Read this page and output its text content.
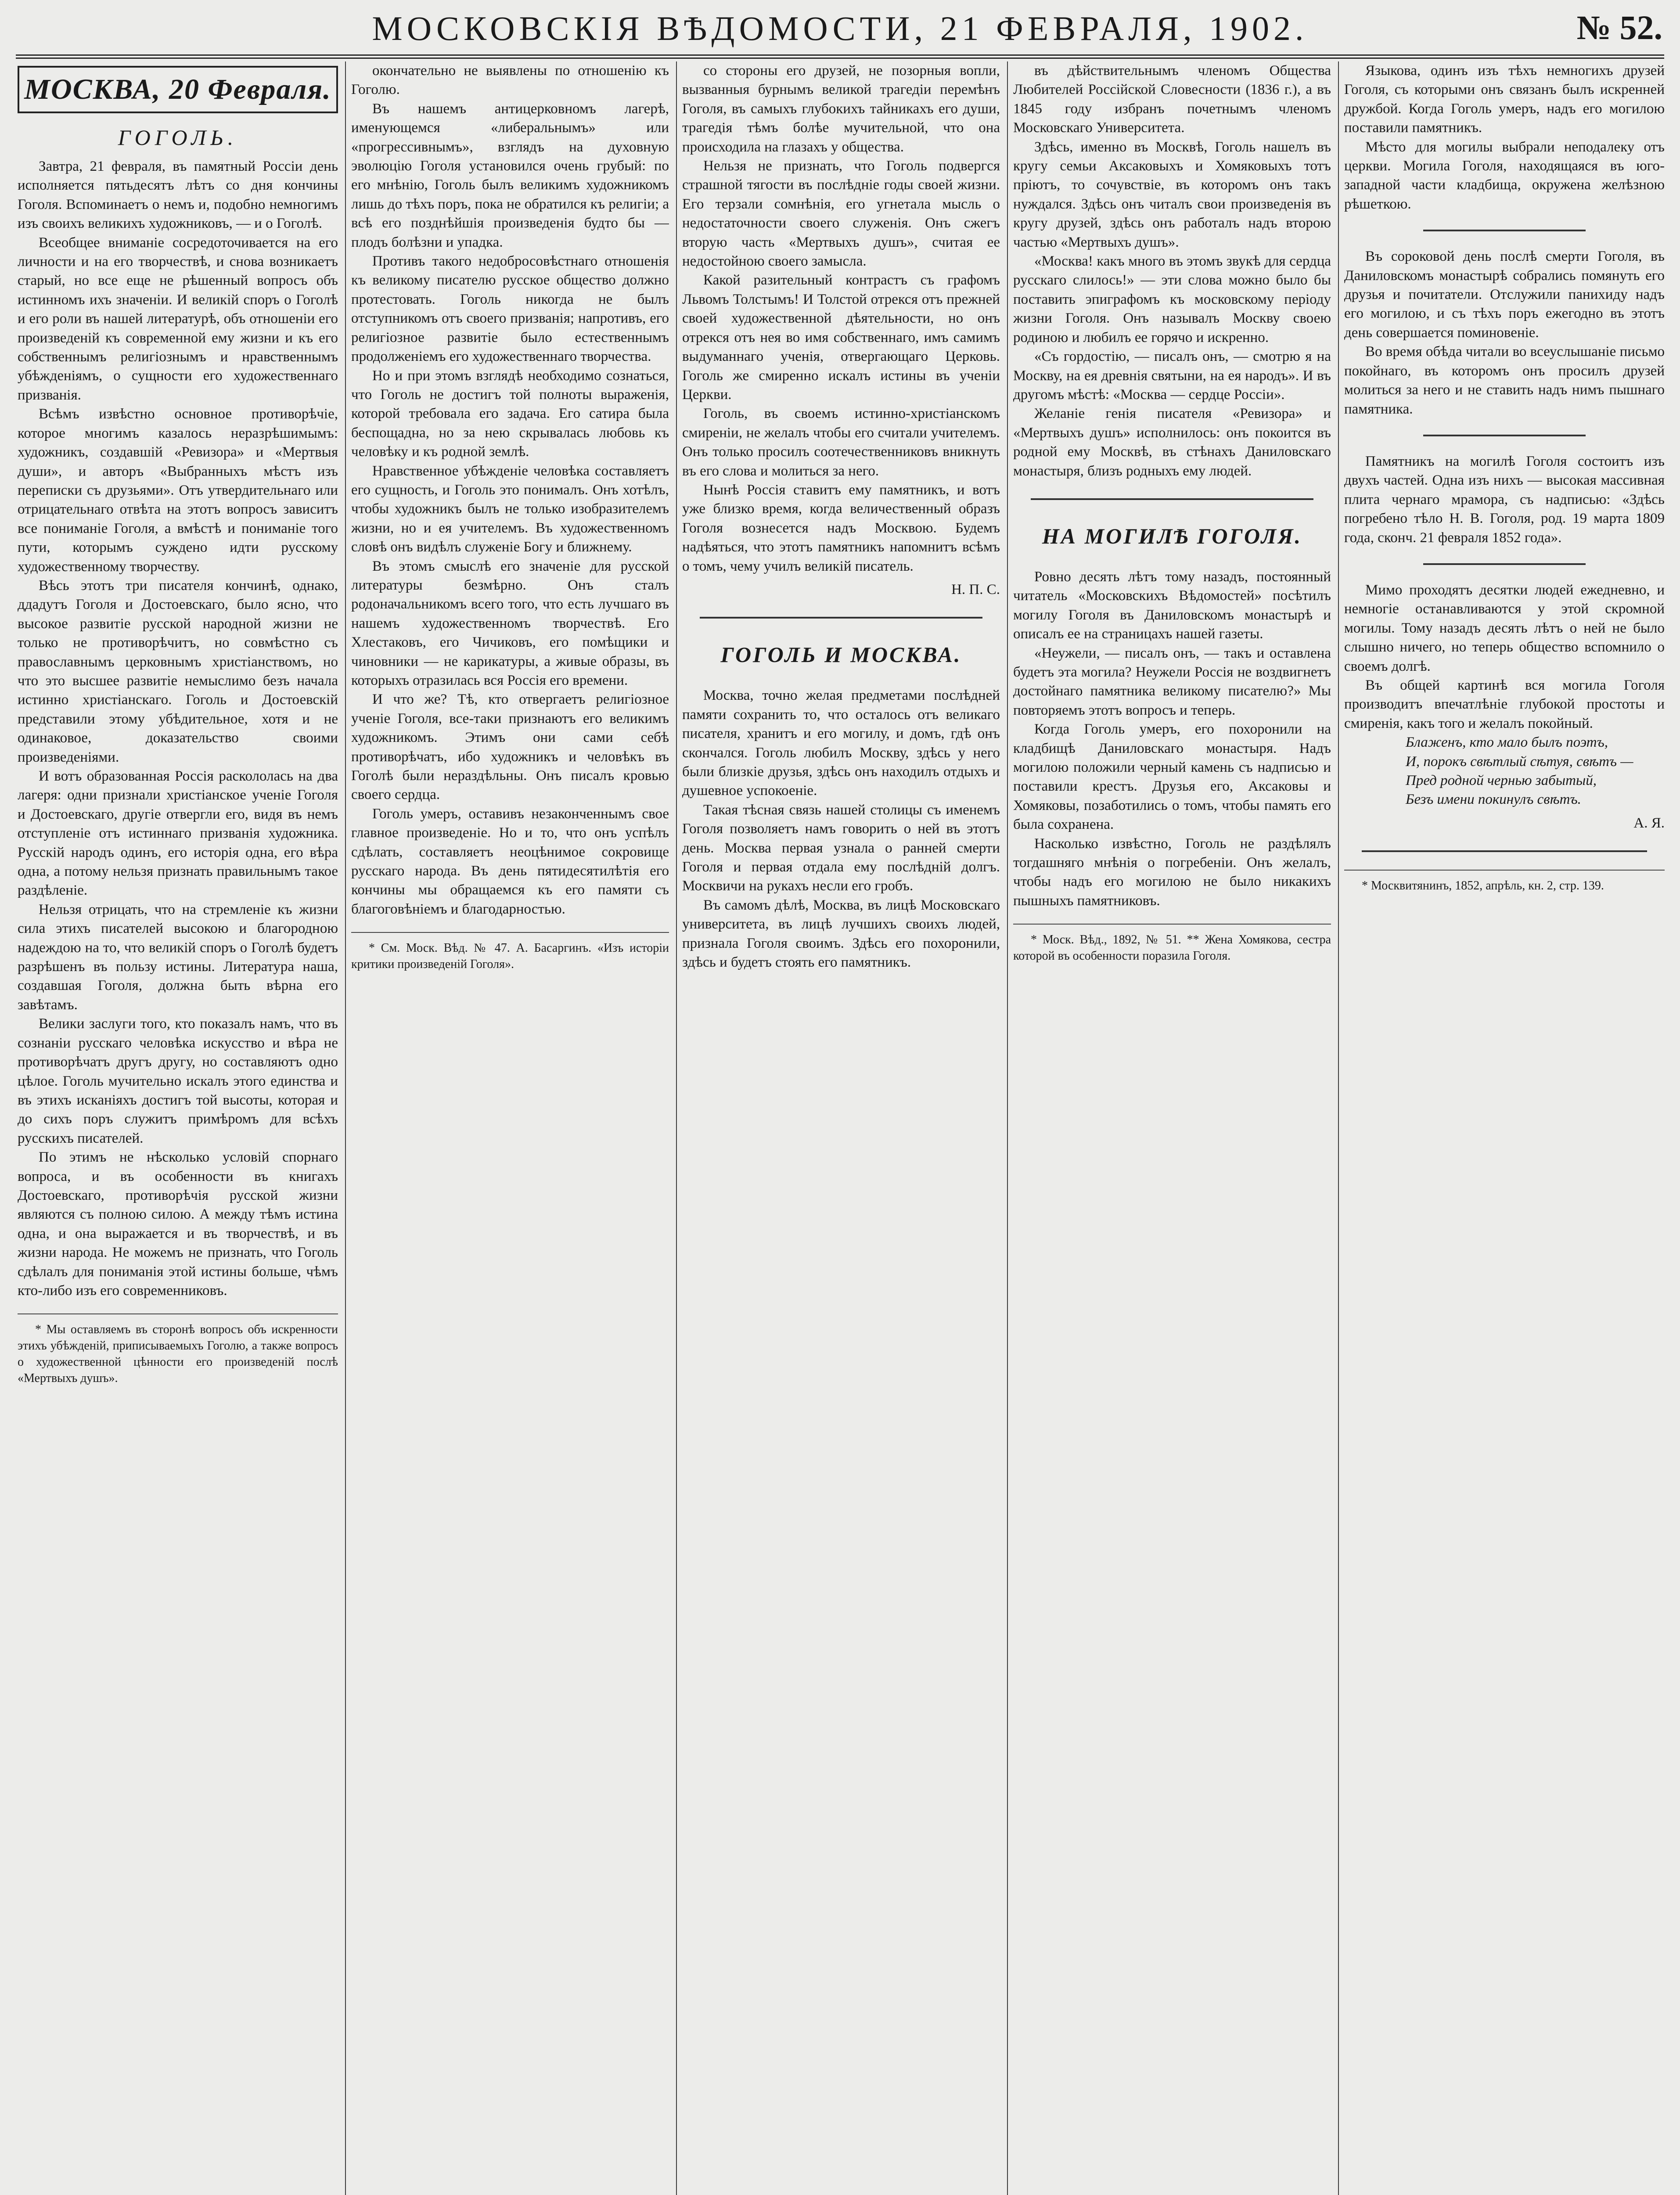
МОСКОВСКІЯ ВѢДОМОСТИ, 21 ФЕВРАЛЯ, 1902.	№ 52.
МОСКВА, 20 Февраля.
ГОГОЛЬ.

Завтра, 21 февраля, въ памятный Россіи день исполняется пятьдесятъ лѣтъ со дня кончины Гоголя. Вспоминаетъ о немъ и, подобно немногимъ изъ своихъ великихъ художниковъ, — и о Гоголѣ.

Всеобщее вниманіе сосредоточивается на его личности и на его творчествѣ, и снова возникаетъ старый, но все еще не рѣшенный вопросъ объ истинномъ ихъ значеніи. И великій споръ о Гоголѣ и его роли въ нашей литературѣ, объ отношеніи его произведеній къ современной ему жизни и къ его собственнымъ религіознымъ и нравственнымъ убѣжденіямъ, о сущности его художественнаго призванія.

Всѣмъ извѣстно основное противорѣчіе, которое многимъ казалось неразрѣшимымъ: художникъ, создавшій «Ревизора» и «Мертвыя души», и авторъ «Выбранныхъ мѣстъ изъ переписки съ друзьями». Отъ утвердительнаго или отрицательнаго отвѣта на этотъ вопросъ зависитъ все пониманіе Гоголя, а вмѣстѣ и пониманіе того пути, которымъ суждено идти русскому художественному творчеству.

Вѣсь этотъ три писателя кончинѣ, однако, ддадутъ Гоголя и Достоевскаго, было ясно, что высокое развитіе русской народной жизни не только не противорѣчитъ, но совмѣстно съ православнымъ церковнымъ христіанствомъ, но что это высшее развитіе немыслимо безъ начала истинно христіанскаго. Гоголь и Достоевскій представили этому убѣдительное, хотя и не одинаковое, доказательство своими произведеніями.

И вотъ образованная Россія раскололась на два лагеря: одни признали христіанское ученіе Гоголя и Достоевскаго, другіе отвергли его, видя въ немъ отступленіе отъ истиннаго призванія художника. Русскій народъ одинъ, его исторія одна, его вѣра одна, а потому нельзя признать правильнымъ такое раздѣленіе.

Нельзя отрицать, что на стремленіе къ жизни сила этихъ писателей высокою и благородною надеждою на то, что великій споръ о Гоголѣ будетъ разрѣшенъ въ пользу истины. Литература наша, создавшая Гоголя, должна быть вѣрна его завѣтамъ.

Велики заслуги того, кто показалъ намъ, что въ сознаніи русскаго человѣка искусство и вѣра не противорѣчатъ другъ другу, но составляютъ одно цѣлое. Гоголь мучительно искалъ этого единства и въ этихъ исканіяхъ достигъ той высоты, которая и до сихъ поръ служитъ примѣромъ для всѣхъ русскихъ писателей.

По этимъ не нѣсколько условій спорнаго вопроса, и въ особенности въ книгахъ Достоевскаго, противорѣчія русской жизни являются съ полною силою. А между тѣмъ истина одна, и она выражается и въ творчествѣ, и въ жизни народа. Не можемъ не признать, что Гоголь сдѣлалъ для пониманія этой истины больше, чѣмъ кто-либо изъ его современниковъ.

* Мы оставляемъ въ сторонѣ вопросъ объ искренности этихъ убѣжденій, приписываемыхъ Гоголю, а также вопросъ о художественной цѣнности его произведеній послѣ «Мертвыхъ душъ».

окончательно не выявлены по отношенію къ Гоголю.

Въ нашемъ антицерковномъ лагерѣ, именующемся «либеральнымъ» или «прогрессивнымъ», взглядъ на духовную эволюцію Гоголя установился очень грубый: по его мнѣнію, Гоголь былъ великимъ художникомъ лишь до тѣхъ поръ, пока не обратился къ религіи; а всѣ его позднѣйшія произведенія будто бы — плодъ болѣзни и упадка.

Противъ такого недобросовѣстнаго отношенія къ великому писателю русское общество должно протестовать. Гоголь никогда не былъ отступникомъ отъ своего призванія; напротивъ, его религіозное развитіе было естественнымъ продолженіемъ его художественнаго творчества.

Но и при этомъ взглядѣ необходимо сознаться, что Гоголь не достигъ той полноты выраженія, которой требовала его задача. Его сатира была беспощадна, но за нею скрывалась любовь къ человѣку и къ родной землѣ.

Нравственное убѣжденіе человѣка составляетъ его сущность, и Гоголь это понималъ. Онъ хотѣлъ, чтобы художникъ былъ не только изобразителемъ жизни, но и ея учителемъ. Въ художественномъ словѣ онъ видѣлъ служеніе Богу и ближнему.

Въ этомъ смыслѣ его значеніе для русской литературы безмѣрно. Онъ сталъ родоначальникомъ всего того, что есть лучшаго въ нашемъ художественномъ творчествѣ. Его Хлестаковъ, его Чичиковъ, его помѣщики и чиновники — не карикатуры, а живые образы, въ которыхъ отразилась вся Россія его времени.

И что же? Тѣ, кто отвергаетъ религіозное ученіе Гоголя, все-таки признаютъ его великимъ художникомъ. Этимъ они сами себѣ противорѣчатъ, ибо художникъ и человѣкъ въ Гоголѣ были нераздѣльны. Онъ писалъ кровью своего сердца.

Гоголь умеръ, оставивъ незаконченнымъ свое главное произведеніе. Но и то, что онъ успѣлъ сдѣлать, составляетъ неоцѣнимое сокровище русскаго народа. Въ день пятидесятилѣтія его кончины мы обращаемся къ его памяти съ благоговѣніемъ и благодарностью.

* См. Моск. Вѣд. № 47. А. Басаргинъ. «Изъ исторіи критики произведеній Гоголя».

со стороны его друзей, не позорныя вопли, вызванныя бурнымъ великой трагедіи перемѣнъ Гоголя, въ самыхъ глубокихъ тайникахъ его души, трагедія тѣмъ болѣе мучительной, что она происходила на глазахъ у общества.

Нельзя не признать, что Гоголь подвергся страшной тягости въ послѣдніе годы своей жизни. Его терзали сомнѣнія, его угнетала мысль о недостаточности своего служенія. Онъ сжегъ вторую часть «Мертвыхъ душъ», считая ее недостойною своего замысла.

Какой разительный контрастъ съ графомъ Львомъ Толстымъ! И Толстой отрекся отъ прежней своей художественной дѣятельности, но онъ отрекся отъ нея во имя собственнаго, имъ самимъ выдуманнаго ученія, отвергающаго Церковь. Гоголь же смиренно искалъ истины въ ученіи Церкви.

Гоголь, въ своемъ истинно-христіанскомъ смиреніи, не желалъ чтобы его считали учителемъ. Онъ только просилъ соотечественниковъ вникнуть въ его слова и молиться за него.

Нынѣ Россія ставитъ ему памятникъ, и вотъ уже близко время, когда величественный образъ Гоголя вознесется надъ Москвою. Будемъ надѣяться, что этотъ памятникъ напомнитъ всѣмъ о томъ, чему училъ великій писатель.

Н. П. С.
ГОГОЛЬ И МОСКВА.

Москва, точно желая предметами послѣдней памяти сохранить то, что осталось отъ великаго писателя, хранитъ и его могилу, и домъ, гдѣ онъ скончался. Гоголь любилъ Москву, здѣсь у него были близкіе друзья, здѣсь онъ находилъ отдыхъ и душевное успокоеніе.

Такая тѣсная связь нашей столицы съ именемъ Гоголя позволяетъ намъ говорить о ней въ этотъ день. Москва первая узнала о ранней смерти Гоголя и первая отдала ему послѣдній долгъ. Москвичи на рукахъ несли его гробъ.

Въ самомъ дѣлѣ, Москва, въ лицѣ Московскаго университета, въ лицѣ лучшихъ своихъ людей, признала Гоголя своимъ. Здѣсь его похоронили, здѣсь и будетъ стоять его памятникъ.

въ дѣйствительнымъ членомъ Общества Любителей Россійской Словесности (1836 г.), а въ 1845 году избранъ почетнымъ членомъ Московскаго Университета.

Здѣсь, именно въ Москвѣ, Гоголь нашелъ въ кругу семьи Аксаковыхъ и Хомяковыхъ тотъ пріютъ, то сочувствіе, въ которомъ онъ такъ нуждался. Здѣсь онъ читалъ свои произведенія въ кругу друзей, здѣсь онъ работалъ надъ второю частью «Мертвыхъ душъ».

«Москва! какъ много въ этомъ звукѣ для сердца русскаго слилось!» — эти слова можно было бы поставить эпиграфомъ къ московскому періоду жизни Гоголя. Онъ называлъ Москву своею родиною и любилъ ее горячо и искренно.

«Съ гордостію, — писалъ онъ, — смотрю я на Москву, на ея древнія святыни, на ея народъ». И въ другомъ мѣстѣ: «Москва — сердце Россіи».

Желаніе генія писателя «Ревизора» и «Мертвыхъ душъ» исполнилось: онъ покоится въ родной ему Москвѣ, въ стѣнахъ Даниловскаго монастыря, близъ родныхъ ему людей.

НА МОГИЛѢ ГОГОЛЯ.

Ровно десять лѣтъ тому назадъ, постоянный читатель «Московскихъ Вѣдомостей» посѣтилъ могилу Гоголя въ Даниловскомъ монастырѣ и описалъ ее на страницахъ нашей газеты.

«Неужели, — писалъ онъ, — такъ и оставлена будетъ эта могила? Неужели Россія не воздвигнетъ достойнаго памятника великому писателю?» Мы повторяемъ этотъ вопросъ и теперь.

Когда Гоголь умеръ, его похоронили на кладбищѣ Даниловскаго монастыря. Надъ могилою положили черный камень съ надписью и поставили крестъ. Друзья его, Аксаковы и Хомяковы, позаботились о томъ, чтобы память его была сохранена.

Насколько извѣстно, Гоголь не раздѣлялъ тогдашняго мнѣнія о погребеніи. Онъ желалъ, чтобы надъ его могилою не было никакихъ пышныхъ памятниковъ.

* Моск. Вѣд., 1892, № 51. ** Жена Хомякова, сестра которой въ особенности поразила Гоголя.

Языкова, одинъ изъ тѣхъ немногихъ друзей Гоголя, съ которыми онъ связанъ былъ искренней дружбой. Когда Гоголь умеръ, надъ его могилою поставили памятникъ.

Мѣсто для могилы выбрали неподалеку отъ церкви. Могила Гоголя, находящаяся въ юго-западной части кладбища, окружена желѣзною рѣшеткою.

Въ сороковой день послѣ смерти Гоголя, въ Даниловскомъ монастырѣ собрались помянуть его друзья и почитатели. Отслужили панихиду надъ его могилою, и съ тѣхъ поръ ежегодно въ этотъ день совершается поминовеніе.

Во время обѣда читали во всеуслышаніе письмо покойнаго, въ которомъ онъ просилъ друзей молиться за него и не ставить надъ нимъ пышнаго памятника.

Памятникъ на могилѣ Гоголя состоитъ изъ двухъ частей. Одна изъ нихъ — высокая массивная плита чернаго мрамора, съ надписью: «Здѣсь погребено тѣло Н. В. Гоголя, род. 19 марта 1809 года, сконч. 21 февраля 1852 года».

Мимо проходятъ десятки людей ежедневно, и немногіе останавливаются у этой скромной могилы. Тому назадъ десять лѣтъ о ней не было слышно ничего, но теперь общество вспомнило о своемъ долгѣ.

Въ общей картинѣ вся могила Гоголя производитъ впечатлѣніе глубокой простоты и смиренія, какъ того и желалъ покойный.

Блаженъ, кто мало былъ поэтъ,

И, порокъ свѣтлый сѣтуя, свѣтъ —

Пред родной чернью забытый,

Безъ имени покинулъ свѣтъ.

А. Я.

* Москвитянинъ, 1852, апрѣль, кн. 2, стр. 139.
